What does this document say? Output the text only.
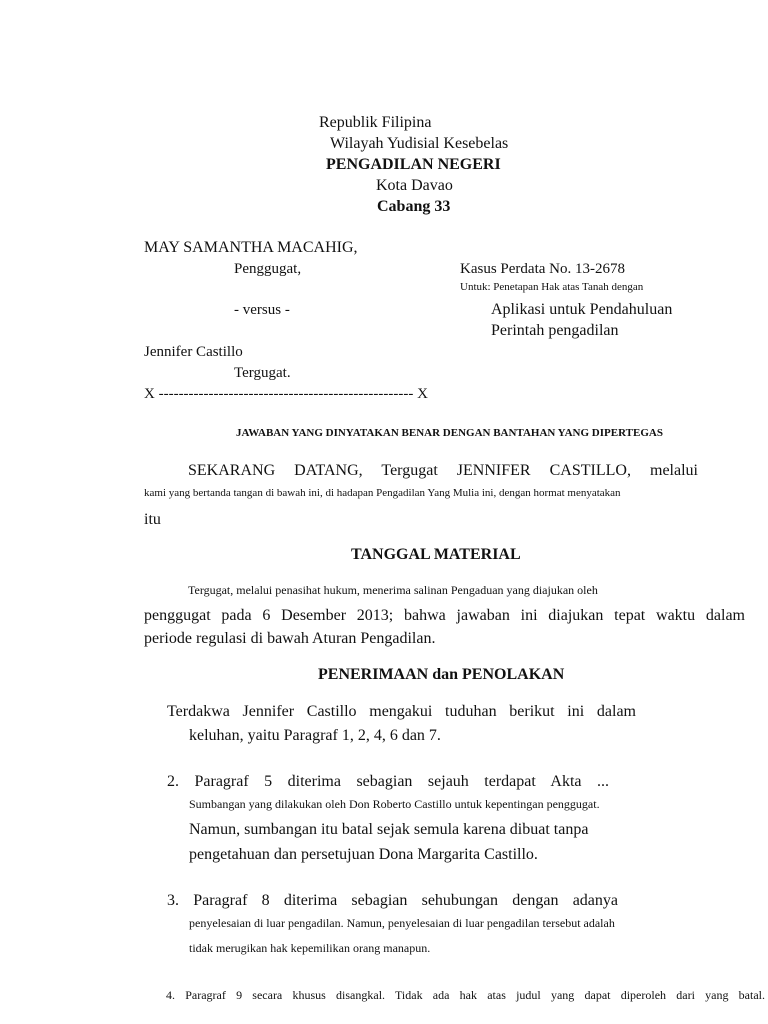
Republik Filipina
Wilayah Yudisial Kesebelas
PENGADILAN NEGERI
Kota Davao
Cabang 33
MAY SAMANTHA MACAHIG,
Penggugat,	Kasus Perdata No. 13-2678
Untuk: Penetapan Hak atas Tanah dengan
- versus -	Aplikasi untuk Pendahuluan
Perintah pengadilan
Jennifer Castillo
Tergugat.
X --------------------------------------------------- X
JAWABAN YANG DINYATAKAN BENAR DENGAN BANTAHAN YANG DIPERTEGAS
SEKARANG DATANG, Tergugat JENNIFER CASTILLO, melalui
kami yang bertanda tangan di bawah ini, di hadapan Pengadilan Yang Mulia ini, dengan hormat menyatakan
itu
TANGGAL MATERIAL
Tergugat, melalui penasihat hukum, menerima salinan Pengaduan yang diajukan oleh
penggugat pada 6 Desember 2013; bahwa jawaban ini diajukan tepat waktu dalam
periode regulasi di bawah Aturan Pengadilan.
PENERIMAAN dan PENOLAKAN
Terdakwa Jennifer Castillo mengakui tuduhan berikut ini dalam
keluhan, yaitu Paragraf 1, 2, 4, 6 dan 7.
2. Paragraf 5 diterima sebagian sejauh terdapat Akta ...
Sumbangan yang dilakukan oleh Don Roberto Castillo untuk kepentingan penggugat.
Namun, sumbangan itu batal sejak semula karena dibuat tanpa
pengetahuan dan persetujuan Dona Margarita Castillo.
3. Paragraf 8 diterima sebagian sehubungan dengan adanya
penyelesaian di luar pengadilan. Namun, penyelesaian di luar pengadilan tersebut adalah
tidak merugikan hak kepemilikan orang manapun.
4. Paragraf 9 secara khusus disangkal. Tidak ada hak atas judul yang dapat diperoleh dari yang batal.
